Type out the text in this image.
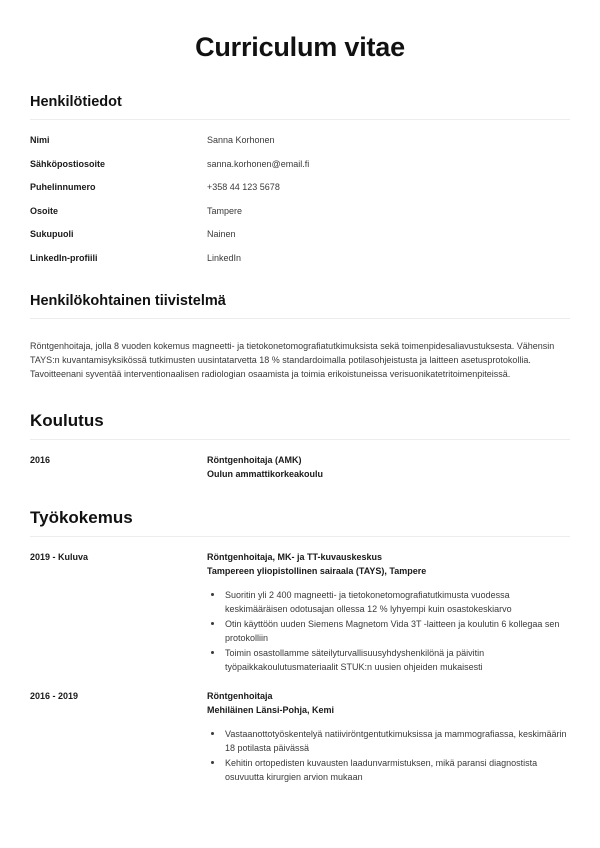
Curriculum vitae
Henkilötiedot
Nimi	Sanna Korhonen
Sähköpostiosoite	sanna.korhonen@email.fi
Puhelinnumero	+358 44 123 5678
Osoite	Tampere
Sukupuoli	Nainen
LinkedIn-profiili	LinkedIn
Henkilökohtainen tiivistelmä
Röntgenhoitaja, jolla 8 vuoden kokemus magneetti- ja tietokonetomografiatutkimuksista sekä toimenpidesaliavustuksesta. Vähensin TAYS:n kuvantamisyksikössä tutkimusten uusintatarvetta 18 % standardoimalla potilasohjeistusta ja laitteen asetusprotokollia. Tavoitteenani syventää interventionaalisen radiologian osaamista ja toimia erikoistuneissa verisuonikatetritoimenpiteissä.
Koulutus
2016	Röntgenhoitaja (AMK)
Oulun ammattikorkeakoulu
Työkokemus
2019 - Kuluva	Röntgenhoitaja, MK- ja TT-kuvauskeskus
Tampereen yliopistollinen sairaala (TAYS), Tampere
Suoritin yli 2 400 magneetti- ja tietokonetomografiatutkimusta vuodessa keskimääräisen odotusajan ollessa 12 % lyhyempi kuin osastokeskiarvo
Otin käyttöön uuden Siemens Magnetom Vida 3T -laitteen ja koulutin 6 kollegaa sen protokolliin
Toimin osastollamme säteilyturvallisuusyhdyshenkilönä ja päivitin työpaikkakoulutusmateriaalit STUK:n uusien ohjeiden mukaisesti
2016 - 2019	Röntgenhoitaja
Mehiläinen Länsi-Pohja, Kemi
Vastaanottotyöskentelyä natiiviröntgentutkimuksissa ja mammografiassa, keskimäärin 18 potilasta päivässä
Kehitin ortopedisten kuvausten laadunvarmistuksen, mikä paransi diagnostista osuvuutta kirurgien arvion mukaan
